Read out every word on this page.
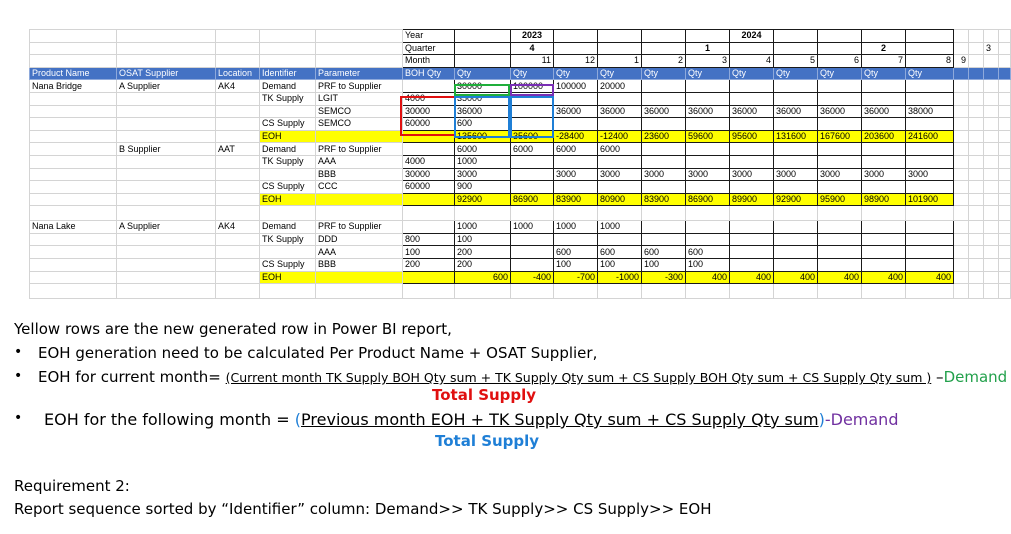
					Year		2023					2024								
					Quarter		4				1				2				3	
					Month		11	12	1	2	3	4	5	6	7	8	9			
Product Name	OSAT Supplier	Location	Identifier	Parameter	BOH Qty	Qty	Qty	Qty	Qty	Qty	Qty	Qty	Qty	Qty	Qty	Qty				
Nana Bridge	A Supplier	AK4	Demand	PRF to Supplier		30000	100000	100000	20000											
			TK Supply	LGIT	4000	35000														
				SEMCO	30000	36000		36000	36000	36000	36000	36000	36000	36000	36000	38000				
			CS Supply	SEMCO	60000	600														
			EOH			135600	35600	-28400	-12400	23600	59600	95600	131600	167600	203600	241600				
	B Supplier	AAT	Demand	PRF to Supplier		6000	6000	6000	6000											
			TK Supply	AAA	4000	1000														
				BBB	30000	3000		3000	3000	3000	3000	3000	3000	3000	3000	3000				
			CS Supply	CCC	60000	900														
			EOH			92900	86900	83900	80900	83900	86900	89900	92900	95900	98900	101900				

Nana Lake	A Supplier	AK4	Demand	PRF to Supplier		1000	1000	1000	1000											
			TK Supply	DDD	800	100														
				AAA	100	200		600	600	600	600									
			CS Supply	BBB	200	200		100	100	100	100									
			EOH			600	-400	-700	-1000	-300	400	400	400	400	400	400				

Yellow rows are the new generated row in Power BI report,
• EOH generation need to be calculated Per Product Name + OSAT Supplier,
• EOH for current month= (Current month TK Supply BOH Qty sum + TK Supply Qty sum + CS Supply BOH Qty sum + CS Supply Qty sum ) –Demand
Total Supply
• EOH for the following month = (Previous month EOH + TK Supply Qty sum + CS Supply Qty sum)-Demand
Total Supply
Requirement 2:
Report sequence sorted by “Identifier” column: Demand>> TK Supply>> CS Supply>> EOH
